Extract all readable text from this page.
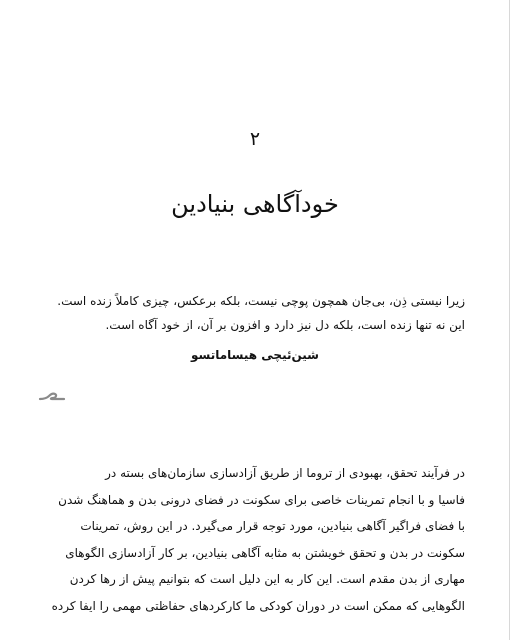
۲
خودآگاهی بنیادین

زیرا نیستی ذِن، بی‌جان همچون پوچی نیست، بلکه برعکس، چیزی کاملاً زنده است.

این نه تنها زنده است، بلکه دل نیز دارد و افزون بر آن، از خود آگاه است.

شین‌ئیچی هیساماتسو

در فرآیند تحقق، بهبودی از تروما از طریق آزادسازی سازمان‌های بسته در

فاسیا و با انجام تمرینات خاصی برای سکونت در فضای درونی بدن و هماهنگ شدن

با فضای فراگیر آگاهی بنیادین، مورد توجه قرار می‌گیرد. در این روش، تمرینات

سکونت در بدن و تحقق خویشتن به مثابه آگاهی بنیادین، بر کار آزادسازی الگوهای

مهاری از بدن مقدم است. این کار به این دلیل است که بتوانیم پیش از رها کردن

الگوهایی که ممکن است در دوران کودکی ما کارکردهای حفاظتی مهمی را ایفا کرده
